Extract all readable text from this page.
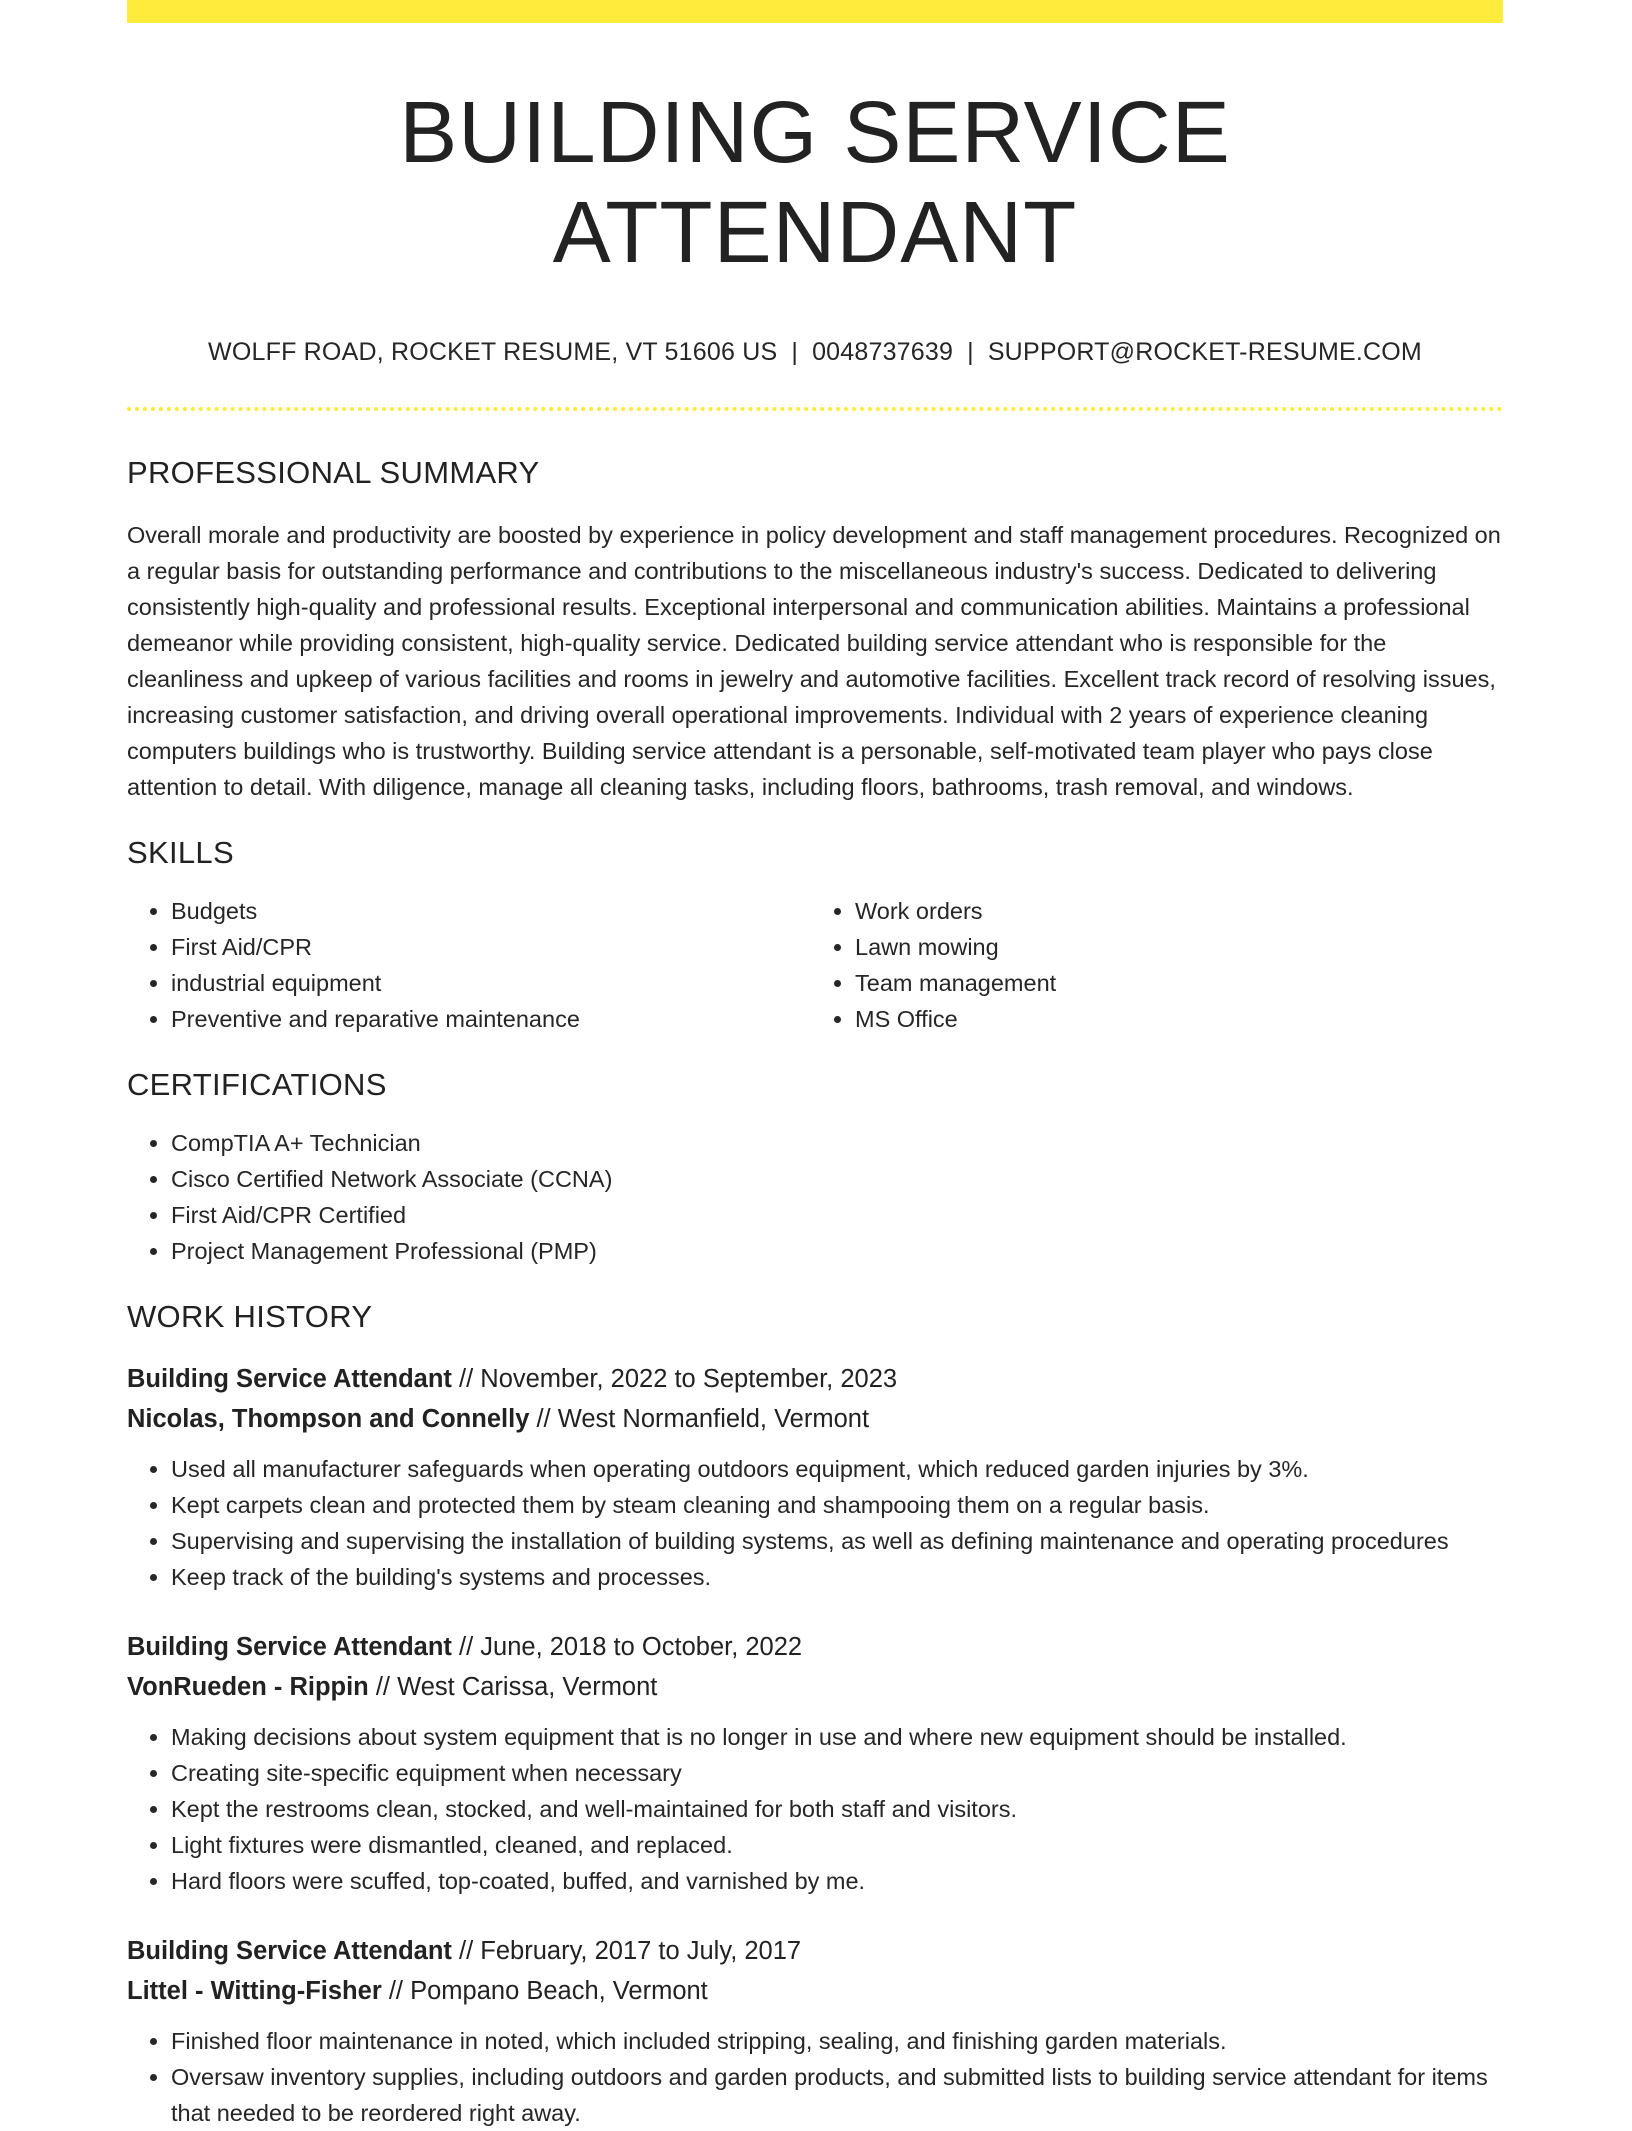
BUILDING SERVICE ATTENDANT
WOLFF ROAD, ROCKET RESUME, VT 51606 US | 0048737639 | SUPPORT@ROCKET-RESUME.COM
PROFESSIONAL SUMMARY
Overall morale and productivity are boosted by experience in policy development and staff management procedures. Recognized on a regular basis for outstanding performance and contributions to the miscellaneous industry's success. Dedicated to delivering consistently high-quality and professional results. Exceptional interpersonal and communication abilities. Maintains a professional demeanor while providing consistent, high-quality service. Dedicated building service attendant who is responsible for the cleanliness and upkeep of various facilities and rooms in jewelry and automotive facilities. Excellent track record of resolving issues, increasing customer satisfaction, and driving overall operational improvements. Individual with 2 years of experience cleaning computers buildings who is trustworthy. Building service attendant is a personable, self-motivated team player who pays close attention to detail. With diligence, manage all cleaning tasks, including floors, bathrooms, trash removal, and windows.
SKILLS
• Budgets
• First Aid/CPR
• industrial equipment
• Preventive and reparative maintenance
• Work orders
• Lawn mowing
• Team management
• MS Office
CERTIFICATIONS
• CompTIA A+ Technician
• Cisco Certified Network Associate (CCNA)
• First Aid/CPR Certified
• Project Management Professional (PMP)
WORK HISTORY
Building Service Attendant // November, 2022 to September, 2023
Nicolas, Thompson and Connelly // West Normanfield, Vermont
• Used all manufacturer safeguards when operating outdoors equipment, which reduced garden injuries by 3%.
• Kept carpets clean and protected them by steam cleaning and shampooing them on a regular basis.
• Supervising and supervising the installation of building systems, as well as defining maintenance and operating procedures
• Keep track of the building's systems and processes.
Building Service Attendant // June, 2018 to October, 2022
VonRueden - Rippin // West Carissa, Vermont
• Making decisions about system equipment that is no longer in use and where new equipment should be installed.
• Creating site-specific equipment when necessary
• Kept the restrooms clean, stocked, and well-maintained for both staff and visitors.
• Light fixtures were dismantled, cleaned, and replaced.
• Hard floors were scuffed, top-coated, buffed, and varnished by me.
Building Service Attendant // February, 2017 to July, 2017
Littel - Witting-Fisher // Pompano Beach, Vermont
• Finished floor maintenance in noted, which included stripping, sealing, and finishing garden materials.
• Oversaw inventory supplies, including outdoors and garden products, and submitted lists to building service attendant for items that needed to be reordered right away.
